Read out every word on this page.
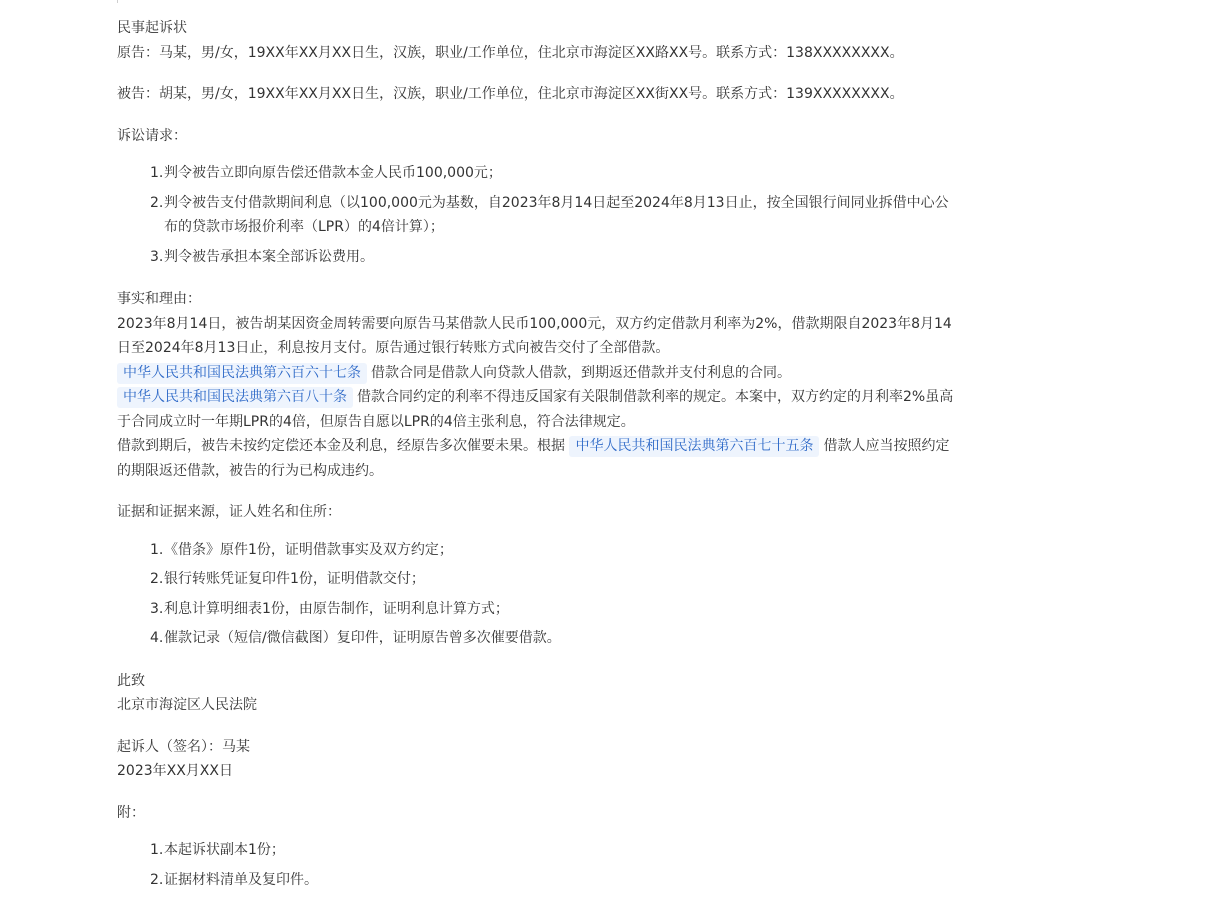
民事起诉状

原告：马某，男/女，19XX年XX月XX日生，汉族，职业/工作单位，住北京市海淀区XX路XX号。联系方式：138XXXXXXXX。

被告：胡某，男/女，19XX年XX月XX日生，汉族，职业/工作单位，住北京市海淀区XX街XX号。联系方式：139XXXXXXXX。

诉讼请求：

1. 判令被告立即向原告偿还借款本金人民币100,000元；
2. 判令被告支付借款期间利息（以100,000元为基数，自2023年8月14日起至2024年8月13日止，按全国银行间同业拆借中心公布的贷款市场报价利率（LPR）的4倍计算）；
3. 判令被告承担本案全部诉讼费用。

事实和理由：

2023年8月14日，被告胡某因资金周转需要向原告马某借款人民币100,000元，双方约定借款月利率为2%，借款期限自2023年8月14日至2024年8月13日止，利息按月支付。原告通过银行转账方式向被告交付了全部借款。

中华人民共和国民法典第六百六十七条 借款合同是借款人向贷款人借款，到期返还借款并支付利息的合同。

中华人民共和国民法典第六百八十条 借款合同约定的利率不得违反国家有关限制借款利率的规定。本案中，双方约定的月利率2%虽高于合同成立时一年期LPR的4倍，但原告自愿以LPR的4倍主张利息，符合法律规定。

借款到期后，被告未按约定偿还本金及利息，经原告多次催要未果。根据 中华人民共和国民法典第六百七十五条 借款人应当按照约定的期限返还借款，被告的行为已构成违约。

证据和证据来源，证人姓名和住所：

1. 《借条》原件1份，证明借款事实及双方约定；
2. 银行转账凭证复印件1份，证明借款交付；
3. 利息计算明细表1份，由原告制作，证明利息计算方式；
4. 催款记录（短信/微信截图）复印件，证明原告曾多次催要借款。

此致

北京市海淀区人民法院

起诉人（签名）：马某

2023年XX月XX日

附：

1. 本起诉状副本1份；
2. 证据材料清单及复印件。
